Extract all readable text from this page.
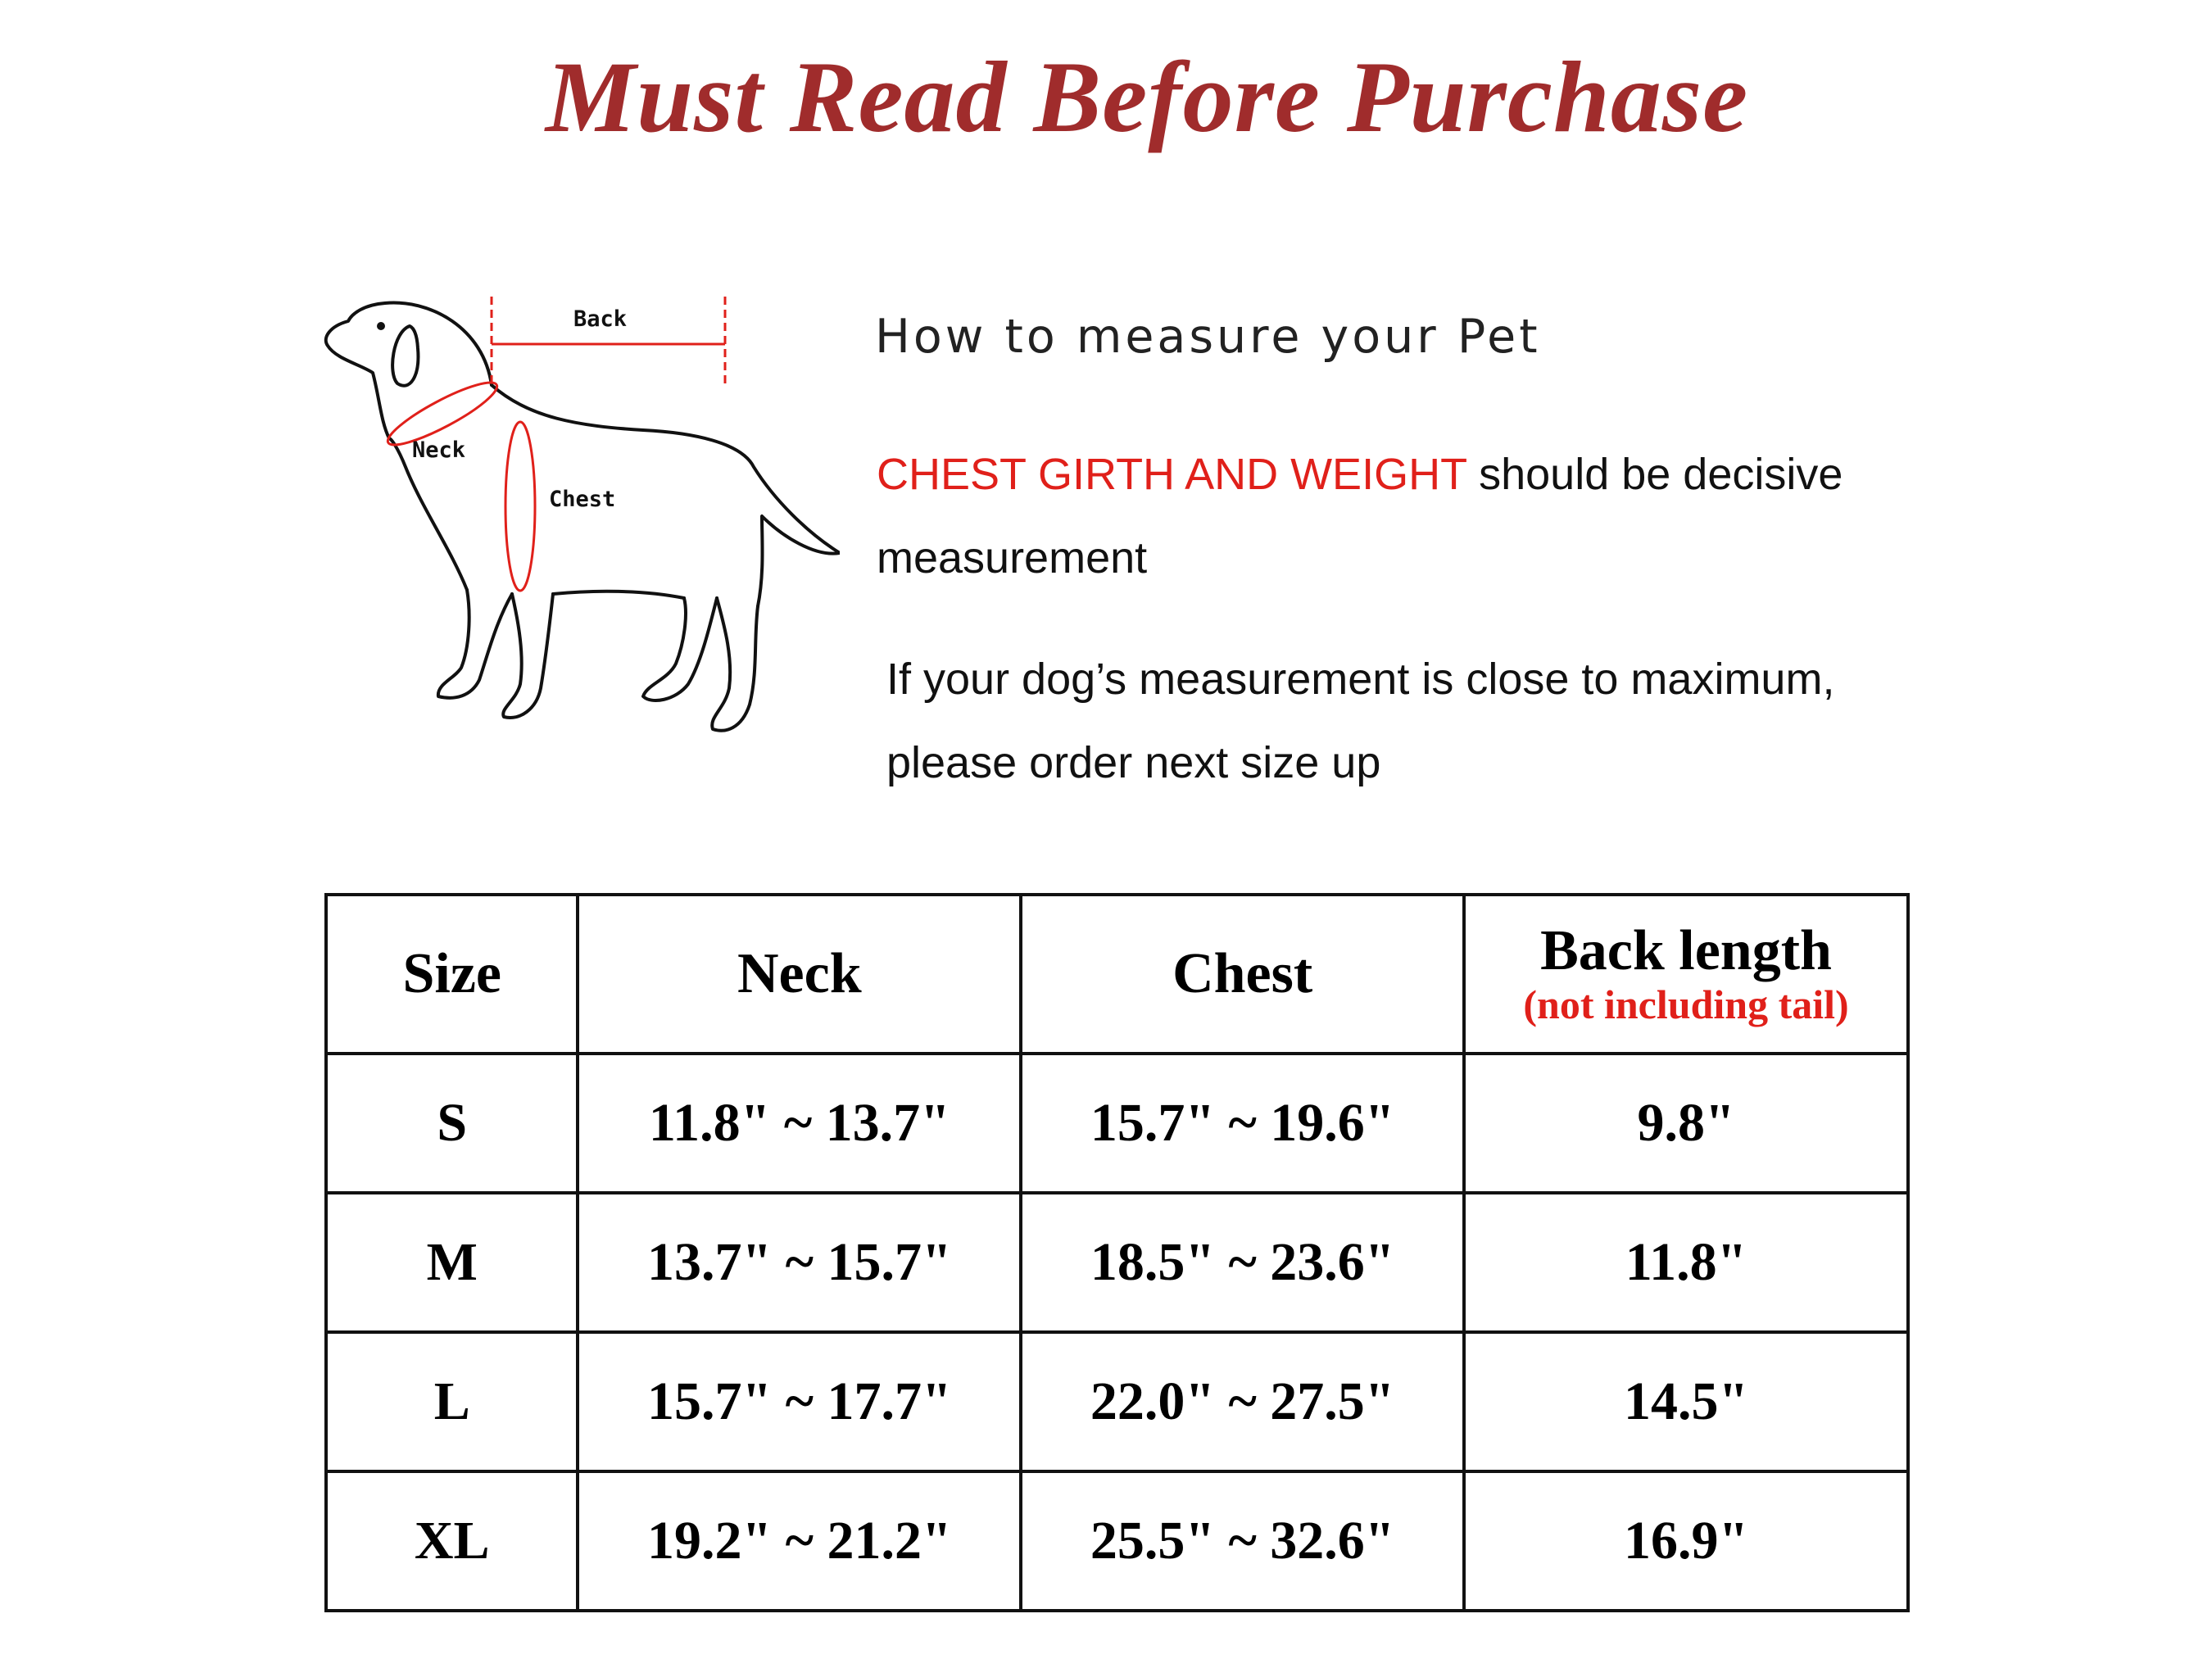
Must Read Before Purchase
Back
Neck
Chest
How to measure your Pet
CHEST GIRTH AND WEIGHT should be decisive measurement
If your dog’s measurement is close to maximum, please order next size up
Size	Neck	Chest	Back length
(not including tail)

S	11.8" ~ 13.7"	15.7" ~ 19.6"	9.8"
M	13.7" ~ 15.7"	18.5" ~ 23.6"	11.8"
L	15.7" ~ 17.7"	22.0" ~ 27.5"	14.5"
XL	19.2" ~ 21.2"	25.5" ~ 32.6"	16.9"
